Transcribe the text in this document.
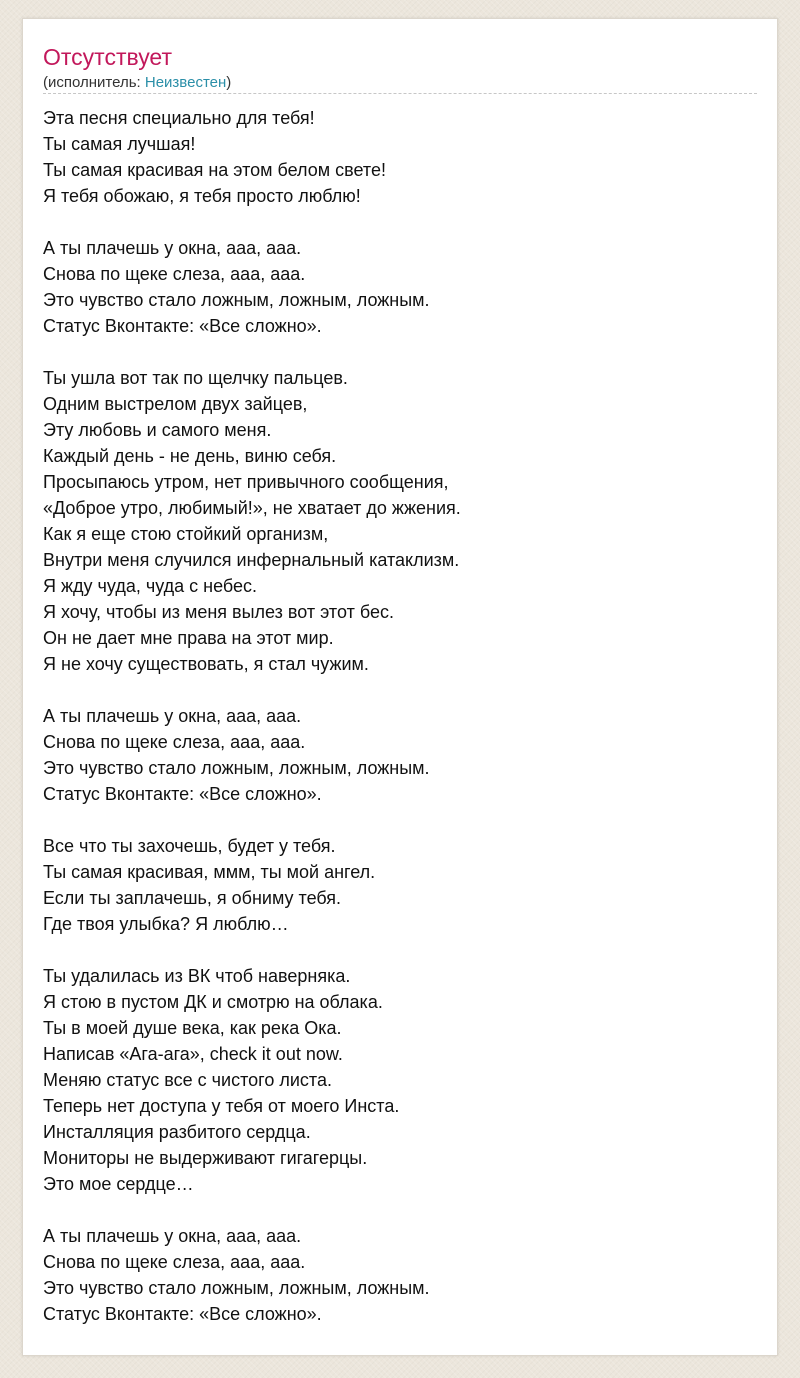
Отсутствует
(исполнитель: Неизвестен)
Эта песня специально для тебя!
Ты самая лучшая!
Ты самая красивая на этом белом свете!
Я тебя обожаю, я тебя просто люблю!
А ты плачешь у окна, ааа, ааа.
Снова по щеке слеза, ааа, ааа.
Это чувство стало ложным, ложным, ложным.
Статус Вконтакте: «Все сложно».
Ты ушла вот так по щелчку пальцев.
Одним выстрелом двух зайцев,
Эту любовь и самого меня.
Каждый день - не день, виню себя.
Просыпаюсь утром, нет привычного сообщения,
«Доброе утро, любимый!», не хватает до жжения.
Как я еще стою стойкий организм,
Внутри меня случился инфернальный катаклизм.
Я жду чуда, чуда с небес.
Я хочу, чтобы из меня вылез вот этот бес.
Он не дает мне права на этот мир.
Я не хочу существовать, я стал чужим.
А ты плачешь у окна, ааа, ааа.
Снова по щеке слеза, ааа, ааа.
Это чувство стало ложным, ложным, ложным.
Статус Вконтакте: «Все сложно».
Все что ты захочешь, будет у тебя.
Ты самая красивая, ммм, ты мой ангел.
Если ты заплачешь, я обниму тебя.
Где твоя улыбка? Я люблю…
Ты удалилась из ВК чтоб наверняка.
Я стою в пустом ДК и смотрю на облака.
Ты в моей душе века, как река Ока.
Написав «Ага-ага», check it out now.
Меняю статус все с чистого листа.
Теперь нет доступа у тебя от моего Инста.
Инсталляция разбитого сердца.
Мониторы не выдерживают гигагерцы.
Это мое сердце…
А ты плачешь у окна, ааа, ааа.
Снова по щеке слеза, ааа, ааа.
Это чувство стало ложным, ложным, ложным.
Статус Вконтакте: «Все сложно».
